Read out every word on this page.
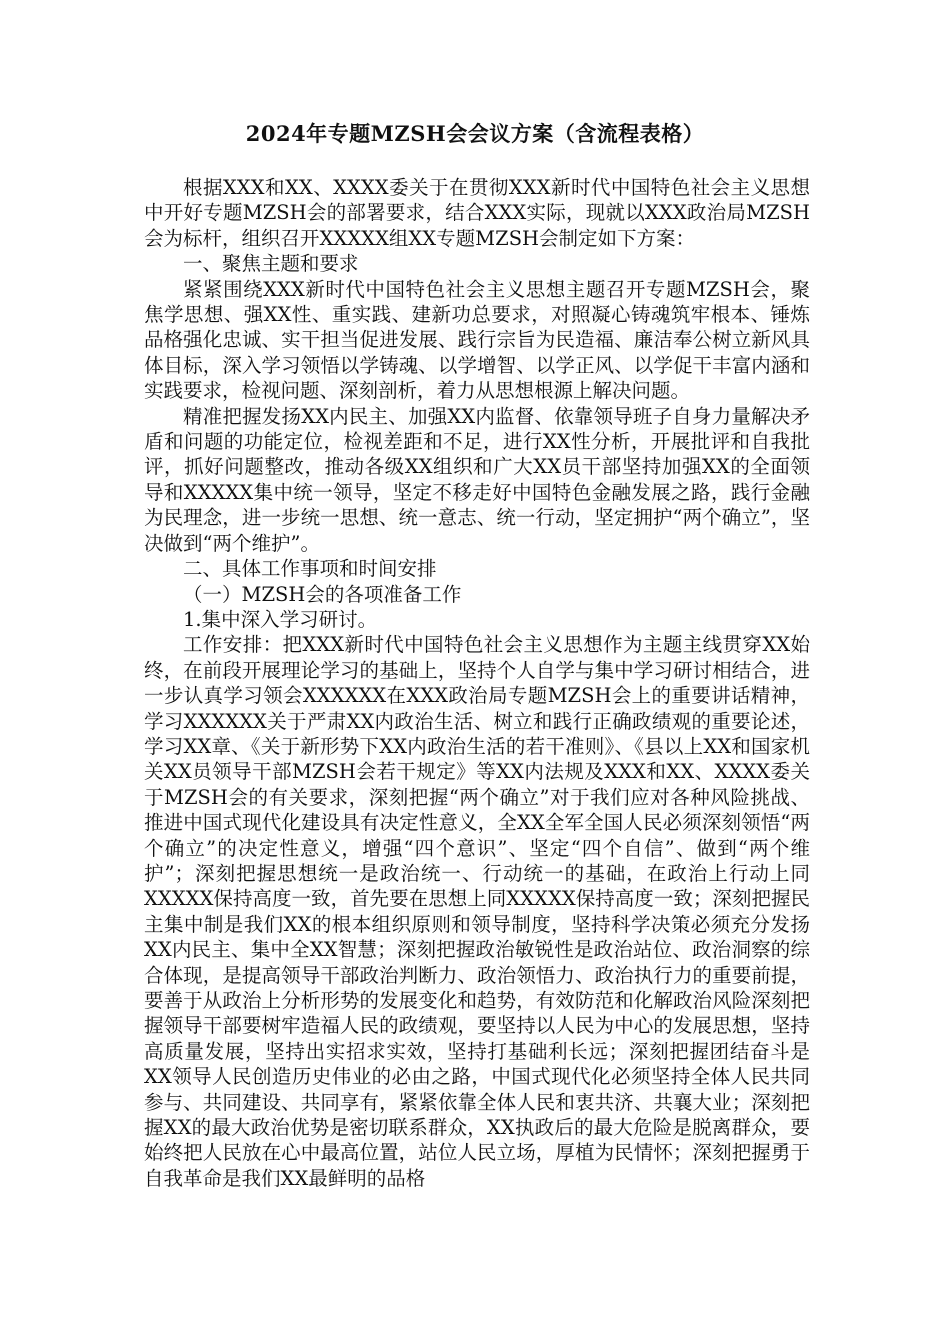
2024年专题MZSH会会议方案（含流程表格）

根据XXX和XX、XXXX委关于在贯彻XXX新时代中国特色社会主义思想中开好专题MZSH会的部署要求，结合XXX实际，现就以XXX政治局MZSH会为标杆，组织召开XXXXX组XX专题MZSH会制定如下方案：

一、聚焦主题和要求

紧紧围绕XXX新时代中国特色社会主义思想主题召开专题MZSH会，聚焦学思想、强XX性、重实践、建新功总要求，对照凝心铸魂筑牢根本、锤炼品格强化忠诚、实干担当促进发展、践行宗旨为民造福、廉洁奉公树立新风具体目标，深入学习领悟以学铸魂、以学增智、以学正风、以学促干丰富内涵和实践要求，检视问题、深刻剖析，着力从思想根源上解决问题。

精准把握发扬XX内民主、加强XX内监督、依靠领导班子自身力量解决矛盾和问题的功能定位，检视差距和不足，进行XX性分析，开展批评和自我批评，抓好问题整改，推动各级XX组织和广大XX员干部坚持加强XX的全面领导和XXXXX集中统一领导，坚定不移走好中国特色金融发展之路，践行金融为民理念，进一步统一思想、统一意志、统一行动，坚定拥护“两个确立”，坚决做到“两个维护”。

二、具体工作事项和时间安排

（一）MZSH会的各项准备工作

1.集中深入学习研讨。

工作安排：把XXX新时代中国特色社会主义思想作为主题主线贯穿XX始终，在前段开展理论学习的基础上，坚持个人自学与集中学习研讨相结合，进一步认真学习领会XXXXXX在XXX政治局专题MZSH会上的重要讲话精神，学习XXXXXX关于严肃XX内政治生活、树立和践行正确政绩观的重要论述，学习XX章、《关于新形势下XX内政治生活的若干准则》、《县以上XX和国家机关XX员领导干部MZSH会若干规定》等XX内法规及XXX和XX、XXXX委关于MZSH会的有关要求，深刻把握“两个确立”对于我们应对各种风险挑战、推进中国式现代化建设具有决定性意义，全XX全军全国人民必须深刻领悟“两个确立”的决定性意义，增强“四个意识”、坚定“四个自信”、做到“两个维护”；深刻把握思想统一是政治统一、行动统一的基础，在政治上行动上同XXXXX保持高度一致，首先要在思想上同XXXXX保持高度一致；深刻把握民主集中制是我们XX的根本组织原则和领导制度，坚持科学决策必须充分发扬XX内民主、集中全XX智慧；深刻把握政治敏锐性是政治站位、政治洞察的综合体现，是提高领导干部政治判断力、政治领悟力、政治执行力的重要前提，要善于从政治上分析形势的发展变化和趋势，有效防范和化解政治风险深刻把握领导干部要树牢造福人民的政绩观，要坚持以人民为中心的发展思想，坚持高质量发展，坚持出实招求实效，坚持打基础利长远；深刻把握团结奋斗是XX领导人民创造历史伟业的必由之路，中国式现代化必须坚持全体人民共同参与、共同建设、共同享有，紧紧依靠全体人民和衷共济、共襄大业；深刻把握XX的最大政治优势是密切联系群众，XX执政后的最大危险是脱离群众，要始终把人民放在心中最高位置，站位人民立场，厚植为民情怀；深刻把握勇于自我革命是我们XX最鲜明的品格
